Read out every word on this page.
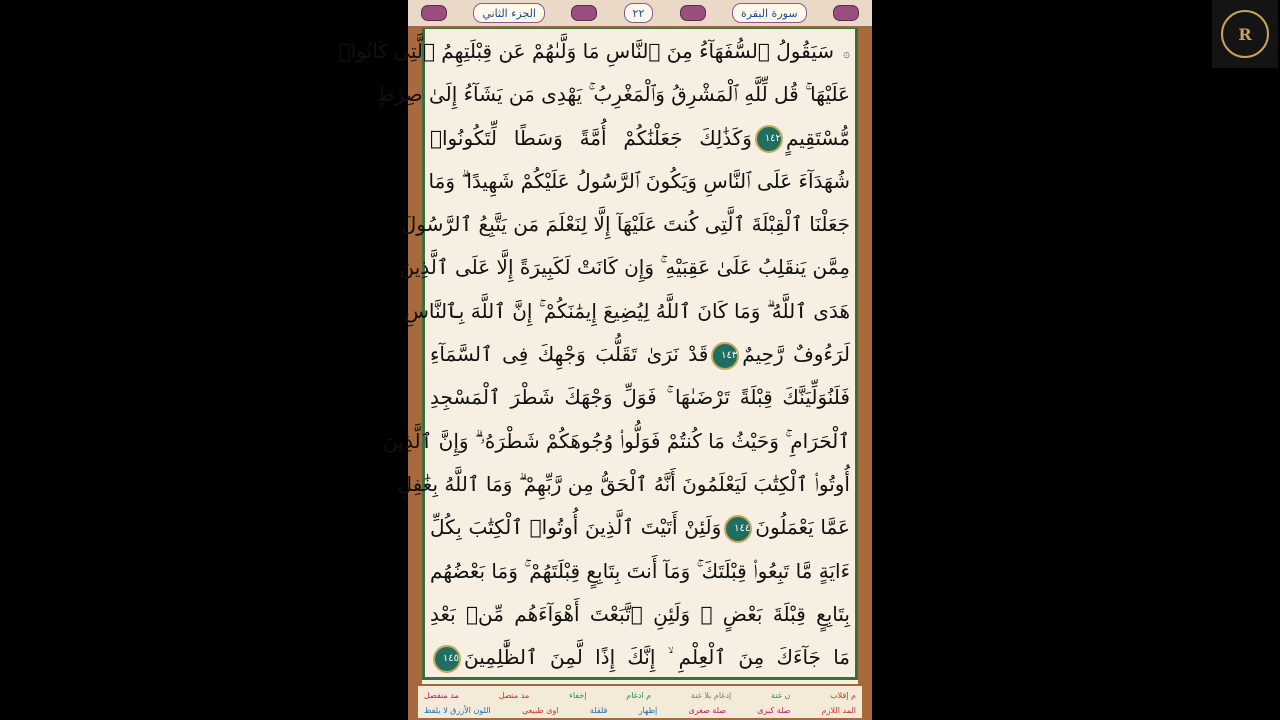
الجزء الثاني	٢٢	سورة البقرة
۞سَيَقُولُ ٱلسُّفَهَآءُ مِنَ ٱلنَّاسِ مَا وَلَّىٰهُمْ عَن قِبْلَتِهِمُ ٱلَّتِى كَانُوا۟
عَلَيْهَا ۚ قُل لِّلَّهِ ٱلْمَشْرِقُ وَٱلْمَغْرِبُ ۚ يَهْدِى مَن يَشَآءُ إِلَىٰ صِرَٰطٍ
مُّسْتَقِيمٍ١٤٢وَكَذَٰلِكَ جَعَلْنَٰكُمْ أُمَّةً وَسَطًا لِّتَكُونُوا۟
شُهَدَآءَ عَلَى ٱلنَّاسِ وَيَكُونَ ٱلرَّسُولُ عَلَيْكُمْ شَهِيدًا ۗ وَمَا
جَعَلْنَا ٱلْقِبْلَةَ ٱلَّتِى كُنتَ عَلَيْهَآ إِلَّا لِنَعْلَمَ مَن يَتَّبِعُ ٱلرَّسُولَ
مِمَّن يَنقَلِبُ عَلَىٰ عَقِبَيْهِ ۚ وَإِن كَانَتْ لَكَبِيرَةً إِلَّا عَلَى ٱلَّذِينَ
هَدَى ٱللَّهُ ۗ وَمَا كَانَ ٱللَّهُ لِيُضِيعَ إِيمَٰنَكُمْ ۚ إِنَّ ٱللَّهَ بِٱلنَّاسِ
لَرَءُوفٌ رَّحِيمٌ١٤٣قَدْ نَرَىٰ تَقَلُّبَ وَجْهِكَ فِى ٱلسَّمَآءِ
فَلَنُوَلِّيَنَّكَ قِبْلَةً تَرْضَىٰهَا ۚ فَوَلِّ وَجْهَكَ شَطْرَ ٱلْمَسْجِدِ
ٱلْحَرَامِ ۚ وَحَيْثُ مَا كُنتُمْ فَوَلُّوا۟ وُجُوهَكُمْ شَطْرَهُۥ ۗ وَإِنَّ ٱلَّذِينَ
أُوتُوا۟ ٱلْكِتَٰبَ لَيَعْلَمُونَ أَنَّهُ ٱلْحَقُّ مِن رَّبِّهِمْ ۗ وَمَا ٱللَّهُ بِغَٰفِلٍ
عَمَّا يَعْمَلُونَ١٤٤وَلَئِنْ أَتَيْتَ ٱلَّذِينَ أُوتُوا۟ ٱلْكِتَٰبَ بِكُلِّ
ءَايَةٍ مَّا تَبِعُوا۟ قِبْلَتَكَ ۚ وَمَآ أَنتَ بِتَابِعٍ قِبْلَتَهُمْ ۚ وَمَا بَعْضُهُم
بِتَابِعٍ قِبْلَةَ بَعْضٍ ۚ وَلَئِنِ ٱتَّبَعْتَ أَهْوَآءَهُم مِّنۢ بَعْدِ
مَا جَآءَكَ مِنَ ٱلْعِلْمِ ۙ إِنَّكَ إِذًا لَّمِنَ ٱلظَّٰلِمِينَ١٤٥
م إقلاب
ں غنة
إدغام بلا غنة
م ادغام
إخفاء
مد متصل
مد منفصل
المد اللازم
صلة كبرى
صلة صغرى
إظهار
قلقلة
اوى طبيعي
اللون الأزرق لا يلفظ
R
